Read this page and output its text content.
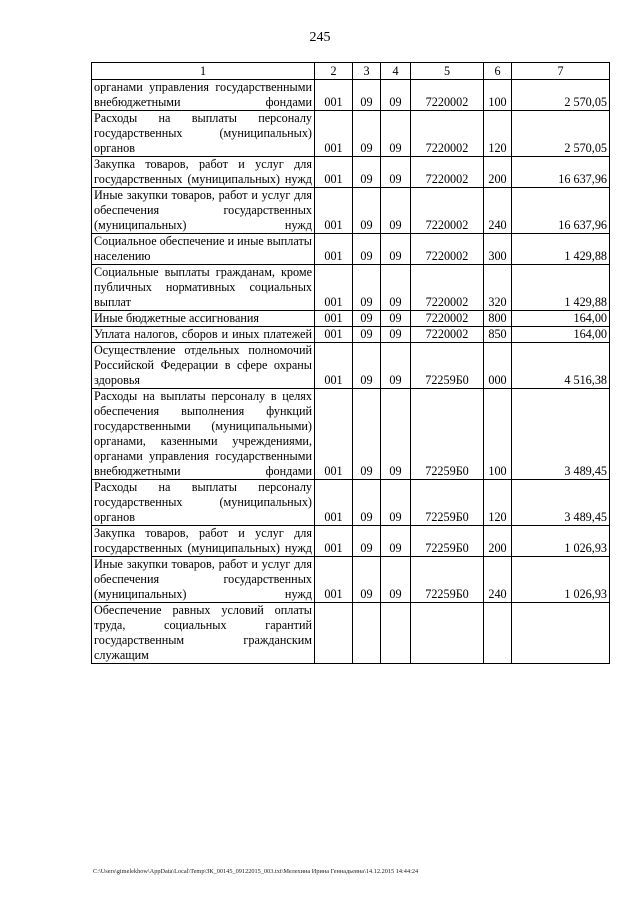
245
1	2	3	4	5	6	7
органами управления государственными внебюджетными фондами	001	09	09	7220002	100	2 570,05
Расходы на выплаты персоналу государственных (муниципальных) органов	001	09	09	7220002	120	2 570,05
Закупка товаров, работ и услуг для государственных (муниципальных) нужд	001	09	09	7220002	200	16 637,96
Иные закупки товаров, работ и услуг для обеспечения государственных (муниципальных) нужд	001	09	09	7220002	240	16 637,96
Социальное обеспечение и иные выплаты населению	001	09	09	7220002	300	1 429,88
Социальные выплаты гражданам, кроме публичных нормативных социальных выплат	001	09	09	7220002	320	1 429,88
Иные бюджетные ассигнования	001	09	09	7220002	800	164,00
Уплата налогов, сборов и иных платежей	001	09	09	7220002	850	164,00
Осуществление отдельных полномочий Российской Федерации в сфере охраны здоровья	001	09	09	72259Б0	000	4 516,38
Расходы на выплаты персоналу в целях обеспечения выполнения функций государственными (муниципальными) органами, казенными учреждениями, органами управления государственными внебюджетными фондами	001	09	09	72259Б0	100	3 489,45
Расходы на выплаты персоналу государственных (муниципальных) органов	001	09	09	72259Б0	120	3 489,45
Закупка товаров, работ и услуг для государственных (муниципальных) нужд	001	09	09	72259Б0	200	1 026,93
Иные закупки товаров, работ и услуг для обеспечения государственных (муниципальных) нужд	001	09	09	72259Б0	240	1 026,93
Обеспечение равных условий оплаты труда, социальных гарантий государственным гражданским служащим						
C:\Users\gimelekhow\AppData\Local\Temp\ЗК_00145_09122015_003.txt\Мелехина Ирина Геннадьевна\14.12.2015 14:44:24
